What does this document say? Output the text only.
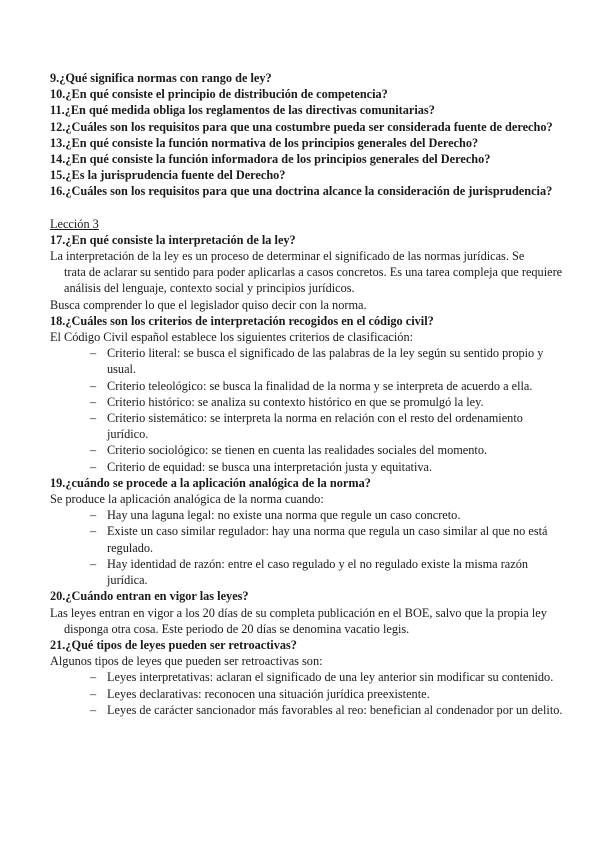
9.¿Qué significa normas con rango de ley?

10.¿En qué consiste el principio de distribución de competencia?

11.¿En qué medida obliga los reglamentos de las directivas comunitarias?

12.¿Cuáles son los requisitos para que una costumbre pueda ser considerada fuente de derecho?

13.¿En qué consiste la función normativa de los principios generales del Derecho?

14.¿En qué consiste la función informadora de los principios generales del Derecho?

15.¿Es la jurisprudencia fuente del Derecho?

16.¿Cuáles son los requisitos para que una doctrina alcance la consideración de jurisprudencia?

Lección 3

17.¿En qué consiste la interpretación de la ley?

La interpretación de la ley es un proceso de determinar el significado de las normas jurídicas. Se

trata de aclarar su sentido para poder aplicarlas a casos concretos. Es una tarea compleja que requiere análisis del lenguaje, contexto social y principios jurídicos.

Busca comprender lo que el legislador quiso decir con la norma.

18.¿Cuáles son los criterios de interpretación recogidos en el código civil?

El Código Civil español establece los siguientes criterios de clasificación:

– Criterio literal: se busca el significado de las palabras de la ley según su sentido propio y usual.
– Criterio teleológico: se busca la finalidad de la norma y se interpreta de acuerdo a ella.
– Criterio histórico: se analiza su contexto histórico en que se promulgó la ley.
– Criterio sistemático: se interpreta la norma en relación con el resto del ordenamiento jurídico.
– Criterio sociológico: se tienen en cuenta las realidades sociales del momento.
– Criterio de equidad: se busca una interpretación justa y equitativa.

19.¿cuándo se procede a la aplicación analógica de la norma?

Se produce la aplicación analógica de la norma cuando:

– Hay una laguna legal: no existe una norma que regule un caso concreto.
– Existe un caso similar regulador: hay una norma que regula un caso similar al que no está regulado.
– Hay identidad de razón: entre el caso regulado y el no regulado existe la misma razón jurídica.

20.¿Cuándo entran en vigor las leyes?

Las leyes entran en vigor a los 20 días de su completa publicación en el BOE, salvo que la propia ley

disponga otra cosa. Este periodo de 20 días se denomina vacatio legis.

21.¿Qué tipos de leyes pueden ser retroactivas?

Algunos tipos de leyes que pueden ser retroactivas son:

– Leyes interpretativas: aclaran el significado de una ley anterior sin modificar su contenido.
– Leyes declarativas: reconocen una situación jurídica preexistente.
– Leyes de carácter sancionador más favorables al reo: benefician al condenador por un delito.
